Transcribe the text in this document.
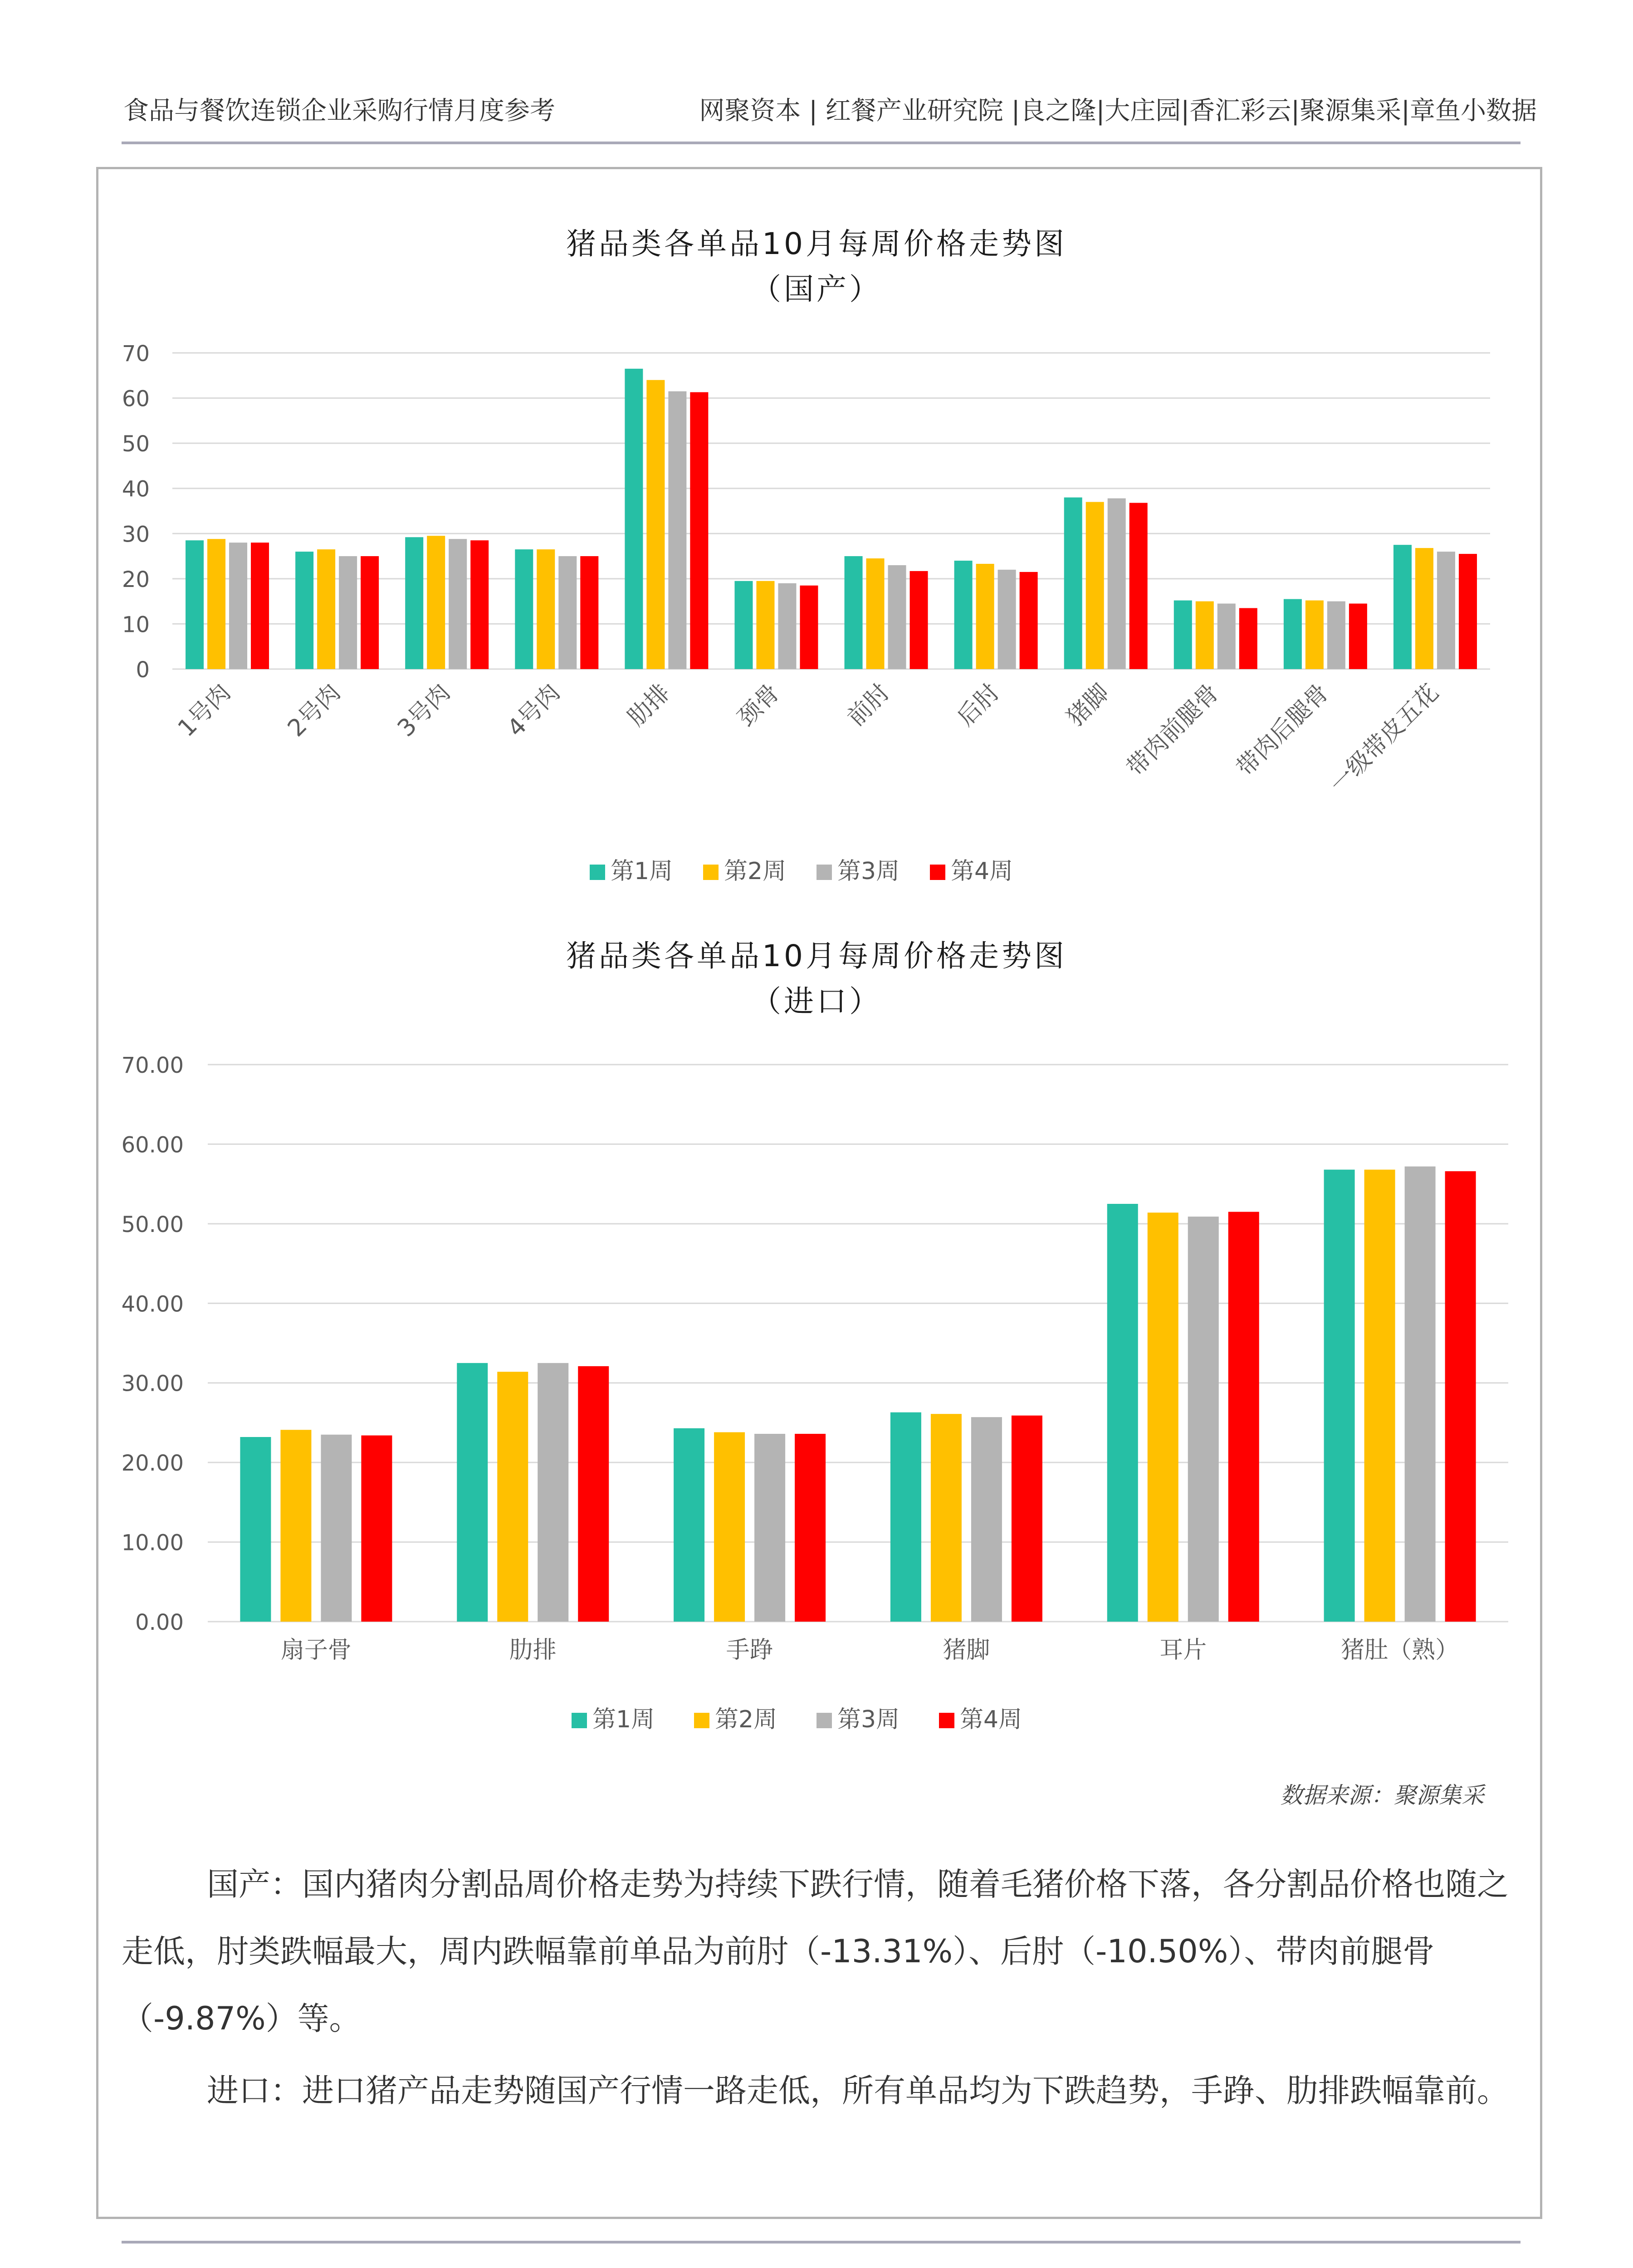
食品与餐饮连锁企业采购行情月度参考	网聚资本 | 红餐产业研究院 |良之隆|大庄园|香汇彩云|聚源集采|章鱼小数据
猪品类各单品10月每周价格走势图
（国产）
0
10
20
30
40
50
60
70
1号肉 2号肉 3号肉 4号肉 肋排 颈骨 前肘 后肘 猪脚 带肉前腿骨 带肉后腿骨
一级带皮五花
第1周 第2周 第3周 第4周
猪品类各单品10月每周价格走势图
（进口）
0.00
10.00
20.00
30.00
40.00
50.00
60.00
70.00
扇子骨	肋排	手踭	猪脚	耳片	猪肚（熟）
第1周	第2周	第3周	第4周
数据来源：聚源集采

国产：国内猪肉分割品周价格走势为持续下跌行情，随着毛猪价格下落，各分割品价格也随之走低，肘类跌幅最大，周内跌幅靠前单品为前肘（-13.31%）、后肘（-10.50%）、带肉前腿骨（-9.87%）等。

进口：进口猪产品走势随国产行情一路走低，所有单品均为下跌趋势，手踭、肋排跌幅靠前。
